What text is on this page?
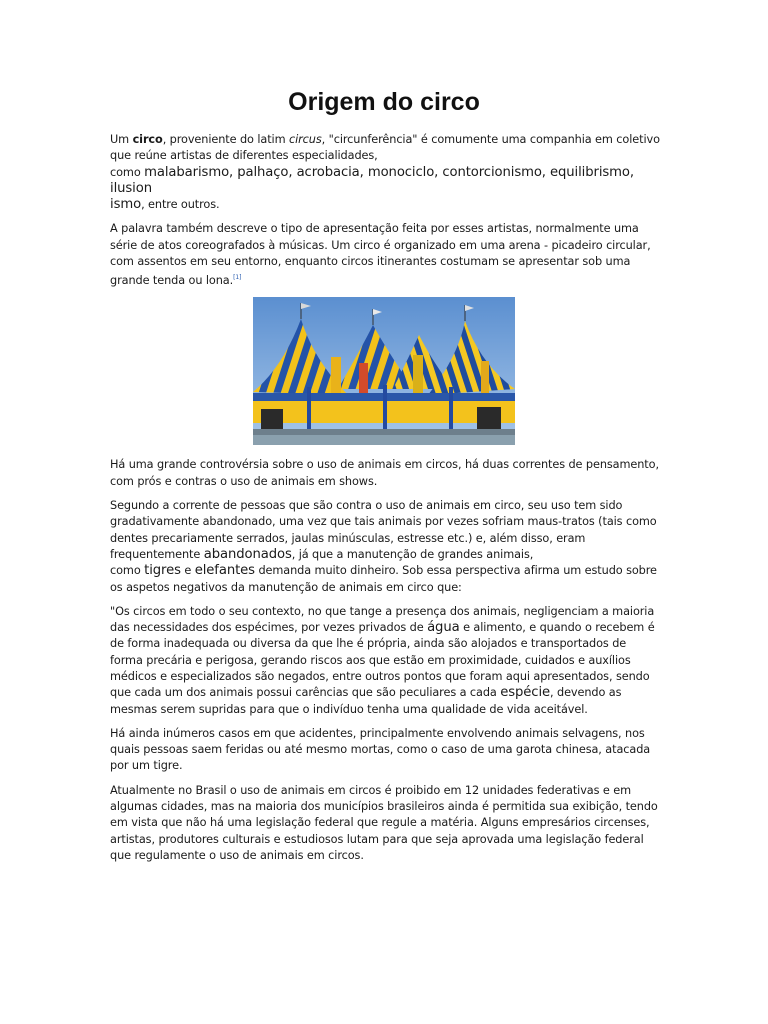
Origem do circo

Um circo, proveniente do latim circus, "circunferência" é comumente uma companhia em coletivo que reúne artistas de diferentes especialidades,
como malabarismo, palhaço, acrobacia, monociclo, contorcionismo, equilibrismo, ilusion
ismo, entre outros.

A palavra também descreve o tipo de apresentação feita por esses artistas, normalmente uma série de atos coreografados à músicas. Um circo é organizado em uma arena - picadeiro circular, com assentos em seu entorno, enquanto circos itinerantes costumam se apresentar sob uma grande tenda ou lona.[1]

Há uma grande controvérsia sobre o uso de animais em circos, há duas correntes de pensamento, com prós e contras o uso de animais em shows.

Segundo a corrente de pessoas que são contra o uso de animais em circo, seu uso tem sido gradativamente abandonado, uma vez que tais animais por vezes sofriam maus-tratos (tais como dentes precariamente serrados, jaulas minúsculas, estresse etc.) e, além disso, eram frequentemente abandonados, já que a manutenção de grandes animais,
como tigres e elefantes demanda muito dinheiro. Sob essa perspectiva afirma um estudo sobre os aspetos negativos da manutenção de animais em circo que:

"Os circos em todo o seu contexto, no que tange a presença dos animais, negligenciam a maioria das necessidades dos espécimes, por vezes privados de água e alimento, e quando o recebem é de forma inadequada ou diversa da que lhe é própria, ainda são alojados e transportados de forma precária e perigosa, gerando riscos aos que estão em proximidade, cuidados e auxílios médicos e especializados são negados, entre outros pontos que foram aqui apresentados, sendo que cada um dos animais possui carências que são peculiares a cada espécie, devendo as mesmas serem supridas para que o indivíduo tenha uma qualidade de vida aceitável.

Há ainda inúmeros casos em que acidentes, principalmente envolvendo animais selvagens, nos quais pessoas saem feridas ou até mesmo mortas, como o caso de uma garota chinesa, atacada por um tigre.

Atualmente no Brasil o uso de animais em circos é proibido em 12 unidades federativas e em algumas cidades, mas na maioria dos municípios brasileiros ainda é permitida sua exibição, tendo em vista que não há uma legislação federal que regule a matéria. Alguns empresários circenses, artistas, produtores culturais e estudiosos lutam para que seja aprovada uma legislação federal que regulamente o uso de animais em circos.
